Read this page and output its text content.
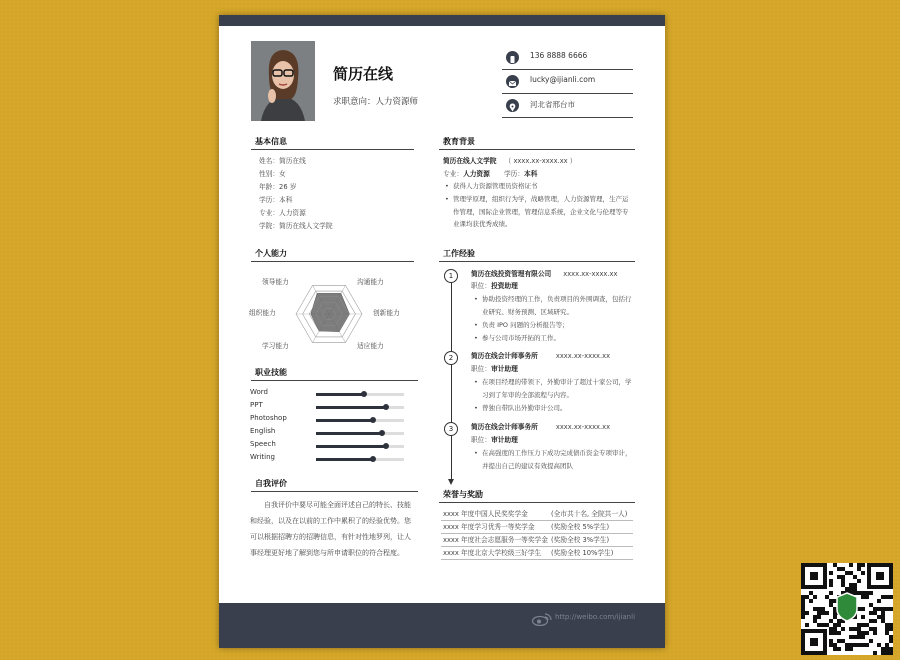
简历在线
求职意向：人力资源师
136 8888 6666
lucky@ijianli.com
河北省邢台市
基本信息
姓名：简历在线
性别：女
年龄：26 岁
学历：本科
专业：人力资源
学院：简历在线人文学院
个人能力
沟通能力
创新能力
适应能力
学习能力
组织能力
领导能力
职业技能
Word
PPT
Photoshop
English
Speech
Writing
自我评价
自我评价中要尽可能全面评述自己的特长、技能和经验，以及在以前的工作中累积了的经验优势。您可以根据招聘方的招聘信息，有针对性地罗列，让人事经理更好地了解到您与所申请职位的符合程度。
教育背景
简历在线人文学院 （ xxxx.xx-xxxx.xx ）
专业：人力资源 学历：本科
• 获得人力资源管理员资格证书
• 管理学原理，组织行为学，战略管理，人力资源管理，生产运作管理，国际企业管理，管理信息系统，企业文化与伦理等专业课均获优秀成绩。
工作经验
1	简历在线投资管理有限公司 xxxx.xx-xxxx.xx
职位：投资助理
• 协助投资经理的工作，负责项目的外围调查，包括行业研究、财务预测、区域研究。
• 负责 IPO 问题的分析报告等；
• 参与公司市场开拓的工作。
2	简历在线会计师事务所	xxxx.xx-xxxx.xx
职位：审计助理
• 在项目经理的带领下，外勤审计了超过十家公司，学习到了年审的全部流程与内容。
• 曾独自带队出外勤审计公司。
3	简历在线会计师事务所	xxxx.xx-xxxx.xx
职位：审计助理
• 在高强度的工作压力下成功完成债币资金专项审计，并提出自己的建议有效提高团队
荣誉与奖励
xxxx 年度中国人民奖奖学金	(全市共十名, 全院共一人)
xxxx 年度学习优秀一等奖学金 (奖励全校 5%学生)
xxxx 年度社会志愿服务一等奖学金 (奖励全校 3%学生)
xxxx 年度北京大学校级三好学生 (奖励全校 10%学生)
http://weibo.com/ijianli
